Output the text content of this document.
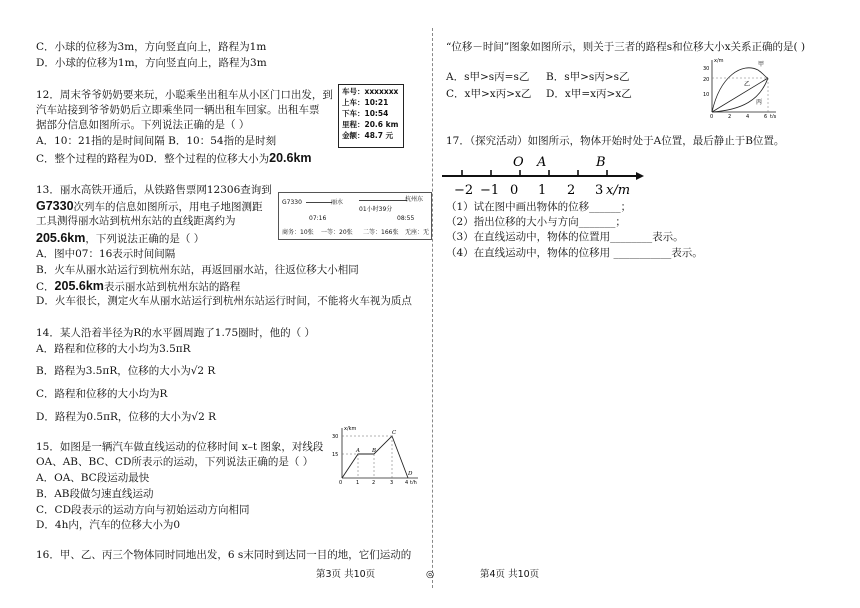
C．小球的位移为3m，方向竖直向上，路程为1m
D．小球的位移为1m，方向竖直向上，路程为3m
12．周末爷爷奶奶要来玩，小聪乘坐出租车从小区门口出发，到
汽车站接到爷爷奶奶后立即乘坐同一辆出租车回家。出租车票
据部分信息如图所示。下列说法正确的是（ ）
A．10：21指的是时间间隔 B．10：54指的是时刻
C．整个过程的路程为0D．整个过程的位移大小为20.6km
车号：xxxxxxx
上车：10:21
下车：10:54
里程：20.6 km
金额：48.7 元
13．丽水高铁开通后，从铁路售票网12306查询到
G7330次列车的信息如图所示，用电子地图测距
工具测得丽水站到杭州东站的直线距离约为
205.6km，下列说法正确的是（ ）
A．图中07：16表示时间间隔
B．火车从丽水站运行到杭州东站，再返回丽水站，往返位移大小相同
C．205.6km表示丽水站到杭州东站的路程
D．火车很长，测定火车从丽水站运行到杭州东站运行时间，不能将火车视为质点
G7330	丽水
01小时39分
杭州东
07:16	08:55
商务：10张 一等：20张 二等：166张 无座：无
14．某人沿着半径为R的水平圆周跑了1.75圈时，他的（ ）
A．路程和位移的大小均为3.5πR
B．路程为3.5πR，位移的大小为√2 R
C．路程和位移的大小均为R
D．路程为0.5πR，位移的大小为√2 R
15．如图是一辆汽车做直线运动的位移时间 x–t 图象，对线段
OA、AB、BC、CD所表示的运动，下列说法正确的是（ ）
A．OA、BC段运动最快
B．AB段做匀速直线运动
C．CD段表示的运动方向与初始运动方向相同
D．4h内，汽车的位移大小为0
x/km
t/h
30
15
0	1	2	3 4
A B
C
D
16．甲、乙、丙三个物体同时同地出发，6 s末同时到达同一目的地，它们运动的
“位移－时间”图象如图所示，则关于三者的路程s和位移大小x关系正确的是( )
A．s甲>s丙=s乙 B．s甲>s丙>s乙
C．x甲>x丙>x乙 D．x甲=x丙>x乙
x/m
t/s
30
20
10
0	2	4	6
甲
乙
丙
17．（探究活动）如图所示，物体开始时处于A位置，最后静止于B位置。
O A	B
−2 −1 0 1 2 3 x/m
（1）试在图中画出物体的位移______；
（2）指出位移的大小与方向_______；
（3）在直线运动中，物体的位置用________表示。
（4）在直线运动中，物体的位移用 ___________表示。
第3页 共10页	◎	第4页 共10页
